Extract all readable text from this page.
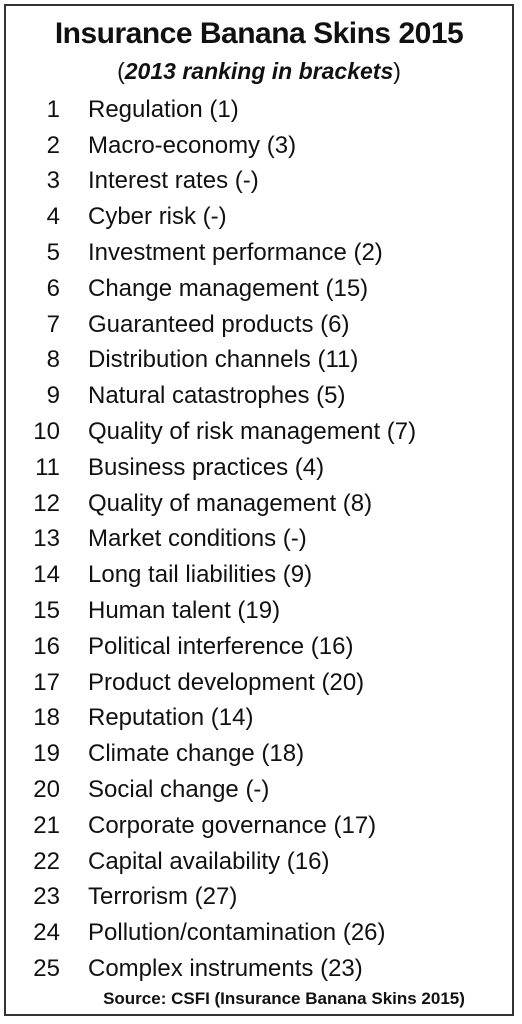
Insurance Banana Skins 2015
(2013 ranking in brackets)
1	Regulation (1)
2	Macro-economy (3)
3	Interest rates (-)
4	Cyber risk (-)
5	Investment performance (2)
6	Change management (15)
7	Guaranteed products (6)
8	Distribution channels (11)
9	Natural catastrophes (5)
10	Quality of risk management (7)
11	Business practices (4)
12	Quality of management (8)
13	Market conditions (-)
14	Long tail liabilities (9)
15	Human talent (19)
16	Political interference (16)
17	Product development (20)
18	Reputation (14)
19	Climate change (18)
20	Social change (-)
21	Corporate governance (17)
22	Capital availability (16)
23	Terrorism (27)
24	Pollution/contamination (26)
25	Complex instruments (23)
Source: CSFI (Insurance Banana Skins 2015)
